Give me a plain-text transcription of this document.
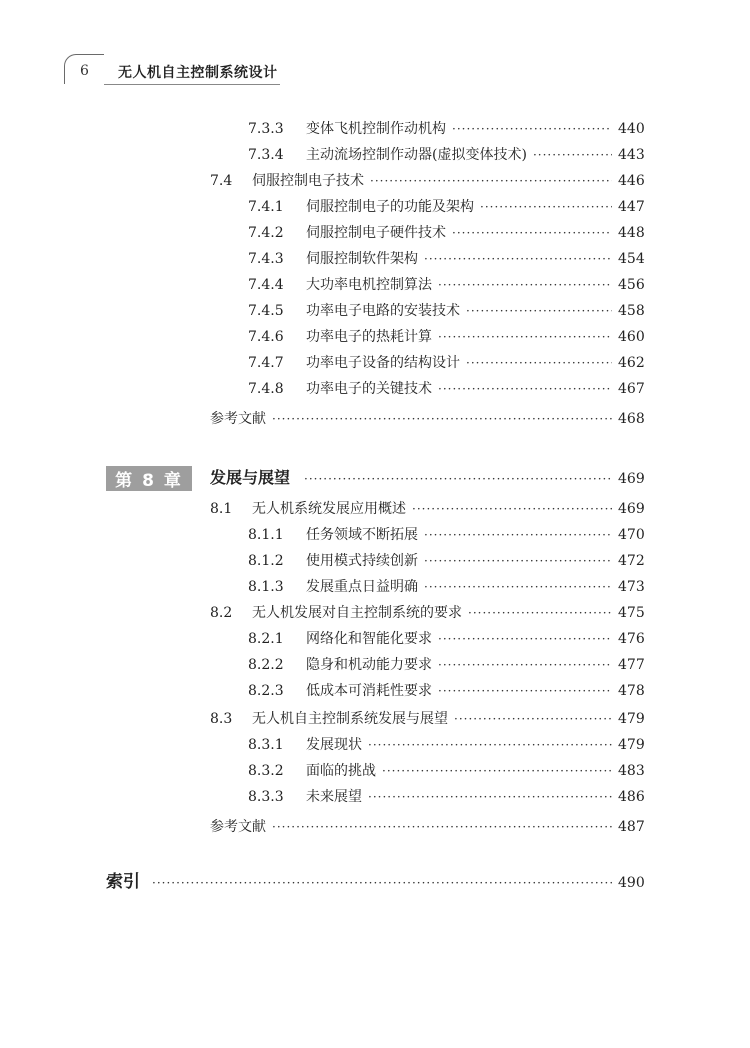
6 无人机自主控制系统设计
7.3.3	变体飞机控制作动机构 ·····	440
7.3.4	主动流场控制作动器(虚拟变体技术) ·····	443
7.4	伺服控制电子技术 ·····	446
7.4.1	伺服控制电子的功能及架构 ·····	447
7.4.2	伺服控制电子硬件技术 ·····	448
7.4.3	伺服控制软件架构 ·····	454
7.4.4	大功率电机控制算法 ·····	456
7.4.5	功率电子电路的安装技术 ·····	458
7.4.6	功率电子的热耗计算 ·····	460
7.4.7	功率电子设备的结构设计 ·····	462
7.4.8	功率电子的关键技术 ·····	467
参考文献 ·····	468
第 8 章	发展与展望 ·····	469
8.1	无人机系统发展应用概述 ·····	469
8.1.1	任务领域不断拓展 ·····	470
8.1.2	使用模式持续创新 ·····	472
8.1.3	发展重点日益明确 ·····	473
8.2	无人机发展对自主控制系统的要求 ·····	475
8.2.1	网络化和智能化要求 ·····	476
8.2.2	隐身和机动能力要求 ·····	477
8.2.3	低成本可消耗性要求 ·····	478
8.3	无人机自主控制系统发展与展望 ·····	479
8.3.1	发展现状 ·····	479
8.3.2	面临的挑战 ·····	483
8.3.3	未来展望 ·····	486
参考文献 ·····	487
索引 ·····	490
